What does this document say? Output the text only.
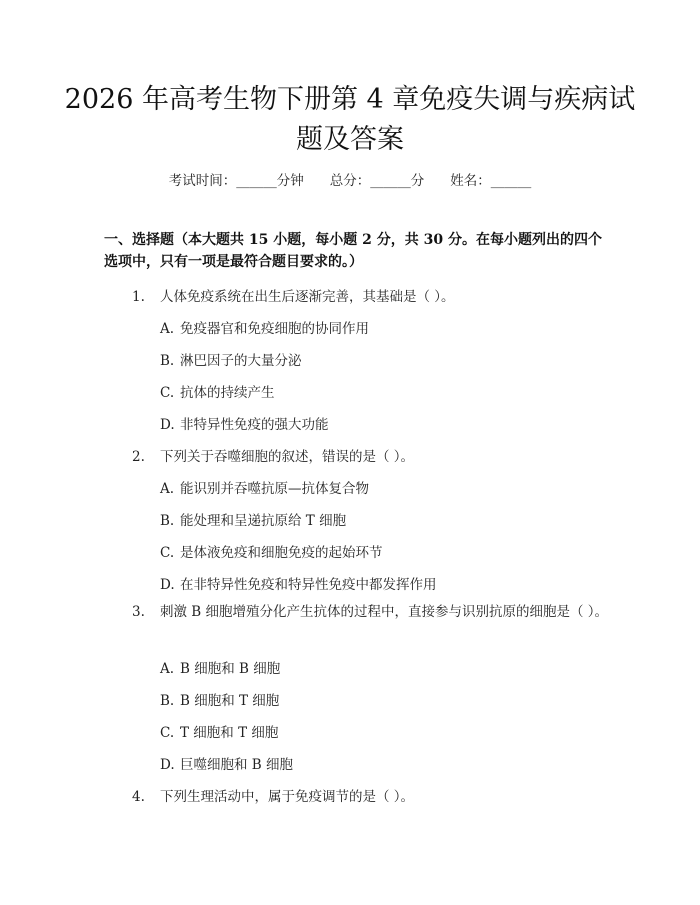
2026 年高考生物下册第 4 章免疫失调与疾病试题及答案
考试时间：______分钟 总分：______分 姓名：______
一、选择题（本大题共 15 小题，每小题 2 分，共 30 分。在每小题列出的四个选项中，只有一项是最符合题目要求的。）
1. 人体免疫系统在出生后逐渐完善，其基础是（ ）。
A. 免疫器官和免疫细胞的协同作用
B. 淋巴因子的大量分泌
C. 抗体的持续产生
D. 非特异性免疫的强大功能
2. 下列关于吞噬细胞的叙述，错误的是（ ）。
A. 能识别并吞噬抗原—抗体复合物
B. 能处理和呈递抗原给 T 细胞
C. 是体液免疫和细胞免疫的起始环节
D. 在非特异性免疫和特异性免疫中都发挥作用
3. 刺激 B 细胞增殖分化产生抗体的过程中，直接参与识别抗原的细胞是（ ）。
A. B 细胞和 B 细胞
B. B 细胞和 T 细胞
C. T 细胞和 T 细胞
D. 巨噬细胞和 B 细胞
4. 下列生理活动中，属于免疫调节的是（ ）。
